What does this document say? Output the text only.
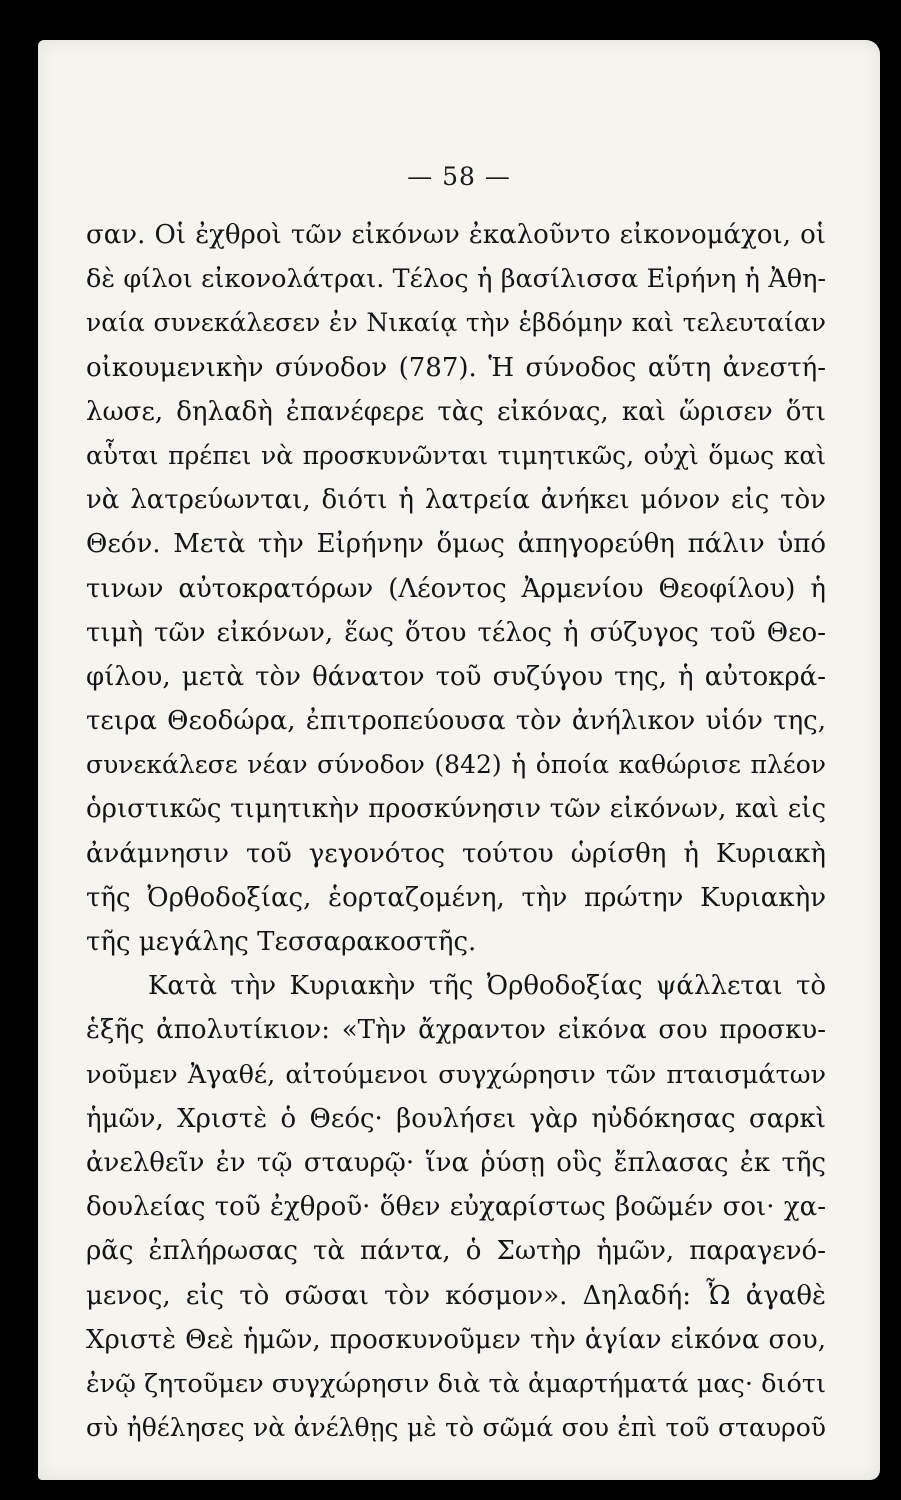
— 58 —
σαν. Οἱ ἐχθροὶ τῶν εἰκόνων ἐκαλοῦντο εἰκονομάχοι, οἱ
δὲ φίλοι εἰκονολάτραι. Τέλος ἡ βασίλισσα Εἰρήνη ἡ Ἀθη-
ναία συνεκάλεσεν ἐν Νικαίᾳ τὴν ἑβδόμην καὶ τελευταίαν
οἰκουμενικὴν σύνοδον (787). Ἡ σύνοδος αὕτη ἀνεστή-
λωσε, δηλαδὴ ἐπανέφερε τὰς εἰκόνας, καὶ ὥρισεν ὅτι
αὗται πρέπει νὰ προσκυνῶνται τιμητικῶς, οὐχὶ ὅμως καὶ
νὰ λατρεύωνται, διότι ἡ λατρεία ἀνήκει μόνον εἰς τὸν
Θεόν. Μετὰ τὴν Εἰρήνην ὅμως ἀπηγορεύθη πάλιν ὑπό
τινων αὐτοκρατόρων (Λέοντος Ἀρμενίου Θεοφίλου) ἡ
τιμὴ τῶν εἰκόνων, ἕως ὅτου τέλος ἡ σύζυγος τοῦ Θεο-
φίλου, μετὰ τὸν θάνατον τοῦ συζύγου της, ἡ αὐτοκρά-
τειρα Θεοδώρα, ἐπιτροπεύουσα τὸν ἀνήλικον υἱόν της,
συνεκάλεσε νέαν σύνοδον (842) ἡ ὁποία καθώρισε πλέον
ὁριστικῶς τιμητικὴν προσκύνησιν τῶν εἰκόνων, καὶ εἰς
ἀνάμνησιν τοῦ γεγονότος τούτου ὡρίσθη ἡ Κυριακὴ
τῆς Ὀρθοδοξίας, ἑορταζομένη, τὴν πρώτην Κυριακὴν
τῆς μεγάλης Τεσσαρακοστῆς.
Κατὰ τὴν Κυριακὴν τῆς Ὀρθοδοξίας ψάλλεται τὸ
ἑξῆς ἀπολυτίκιον: «Τὴν ἄχραντον εἰκόνα σου προσκυ-
νοῦμεν Ἀγαθέ, αἰτούμενοι συγχώρησιν τῶν πταισμάτων
ἡμῶν, Χριστὲ ὁ Θεός· βουλήσει γὰρ ηὐδόκησας σαρκὶ
ἀνελθεῖν ἐν τῷ σταυρῷ· ἵνα ῥύσῃ οὓς ἔπλασας ἐκ τῆς
δουλείας τοῦ ἐχθροῦ· ὅθεν εὐχαρίστως βοῶμέν σοι· χα-
ρᾶς ἐπλήρωσας τὰ πάντα, ὁ Σωτὴρ ἡμῶν, παραγενό-
μενος, εἰς τὸ σῶσαι τὸν κόσμον». Δηλαδή: Ὦ ἀγαθὲ
Χριστὲ Θεὲ ἡμῶν, προσκυνοῦμεν τὴν ἁγίαν εἰκόνα σου,
ἐνῷ ζητοῦμεν συγχώρησιν διὰ τὰ ἁμαρτήματά μας· διότι
σὺ ἠθέλησες νὰ ἀνέλθῃς μὲ τὸ σῶμά σου ἐπὶ τοῦ σταυροῦ
